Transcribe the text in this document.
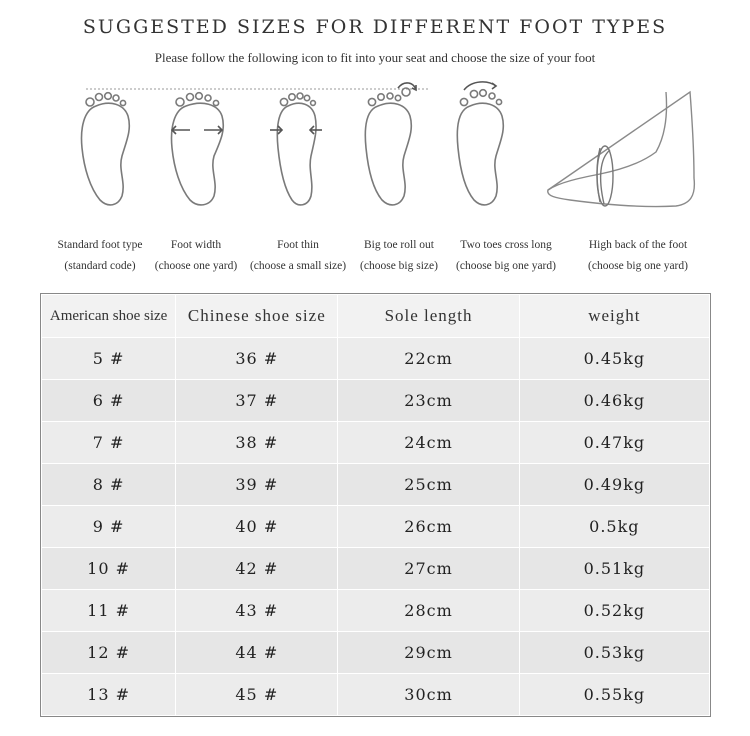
SUGGESTED SIZES FOR DIFFERENT FOOT TYPES
Please follow the following icon to fit into your seat and choose the size of your foot
Standard foot type
(standard code)
Foot width
(choose one yard)
Foot thin
(choose a small size)
Big toe roll out
(choose big size)
Two toes cross long
(choose big one yard)
High back of the foot
(choose big one yard)
American shoe size	Chinese shoe size	Sole length	weight
5 #	36 #	22cm	0.45kg
6 #	37 #	23cm	0.46kg
7 #	38 #	24cm	0.47kg
8 #	39 #	25cm	0.49kg
9 #	40 #	26cm	0.5kg
10 #	42 #	27cm	0.51kg
11 #	43 #	28cm	0.52kg
12 #	44 #	29cm	0.53kg
13 #	45 #	30cm	0.55kg
